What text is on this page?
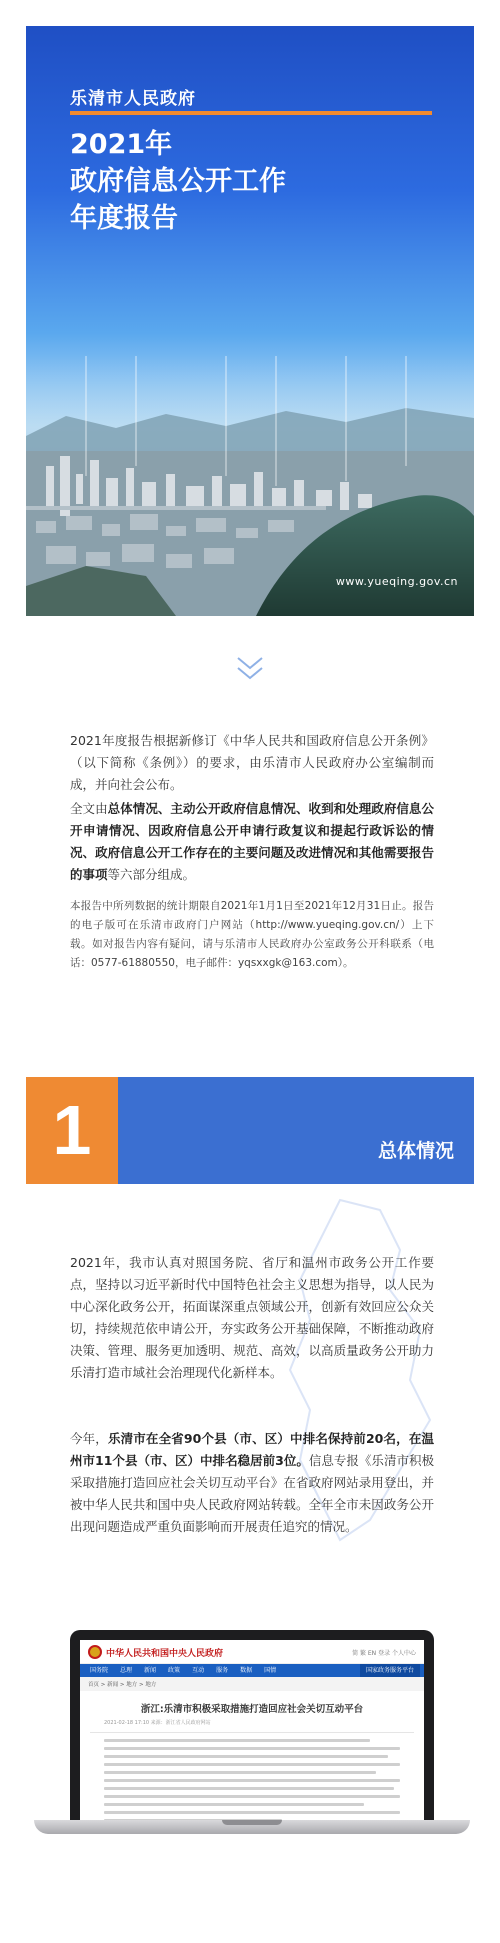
乐清市人民政府
2021年
政府信息公开工作
年度报告
www.yueqing.gov.cn

2021年度报告根据新修订《中华人民共和国政府信息公开条例》（以下简称《条例》）的要求，由乐清市人民政府办公室编制而成，并向社会公布。

全文由总体情况、主动公开政府信息情况、收到和处理政府信息公开申请情况、因政府信息公开申请行政复议和提起行政诉讼的情况、政府信息公开工作存在的主要问题及改进情况和其他需要报告的事项等六部分组成。

本报告中所列数据的统计期限自2021年1月1日至2021年12月31日止。报告的电子版可在乐清市政府门户网站（http://www.yueqing.gov.cn/）上下载。如对报告内容有疑问，请与乐清市人民政府办公室政务公开科联系（电话：0577-61880550，电子邮件：yqsxxgk@163.com）。

1	总体情况

2021年，我市认真对照国务院、省厅和温州市政务公开工作要点，坚持以习近平新时代中国特色社会主义思想为指导，以人民为中心深化政务公开，拓面谋深重点领域公开，创新有效回应公众关切，持续规范依申请公开，夯实政务公开基础保障，不断推动政府决策、管理、服务更加透明、规范、高效，以高质量政务公开助力乐清打造市域社会治理现代化新样本。

今年，乐清市在全省90个县（市、区）中排名保持前20名，在温州市11个县（市、区）中排名稳居前3位。信息专报《乐清市积极采取措施打造回应社会关切互动平台》在省政府网站录用登出，并被中华人民共和国中央人民政府网站转载。全年全市未因政务公开出现问题造成严重负面影响而开展责任追究的情况。

中华人民共和国中央人民政府	简 繁 EN 登录 个人中心
国务院	总理	新闻	政策	互动	服务	数据	国情	国家政务服务平台
首页 > 新闻 > 地方 > 地方
浙江:乐清市积极采取措施打造回应社会关切互动平台
2021-02-18 17:10 来源：浙江省人民政府网站
